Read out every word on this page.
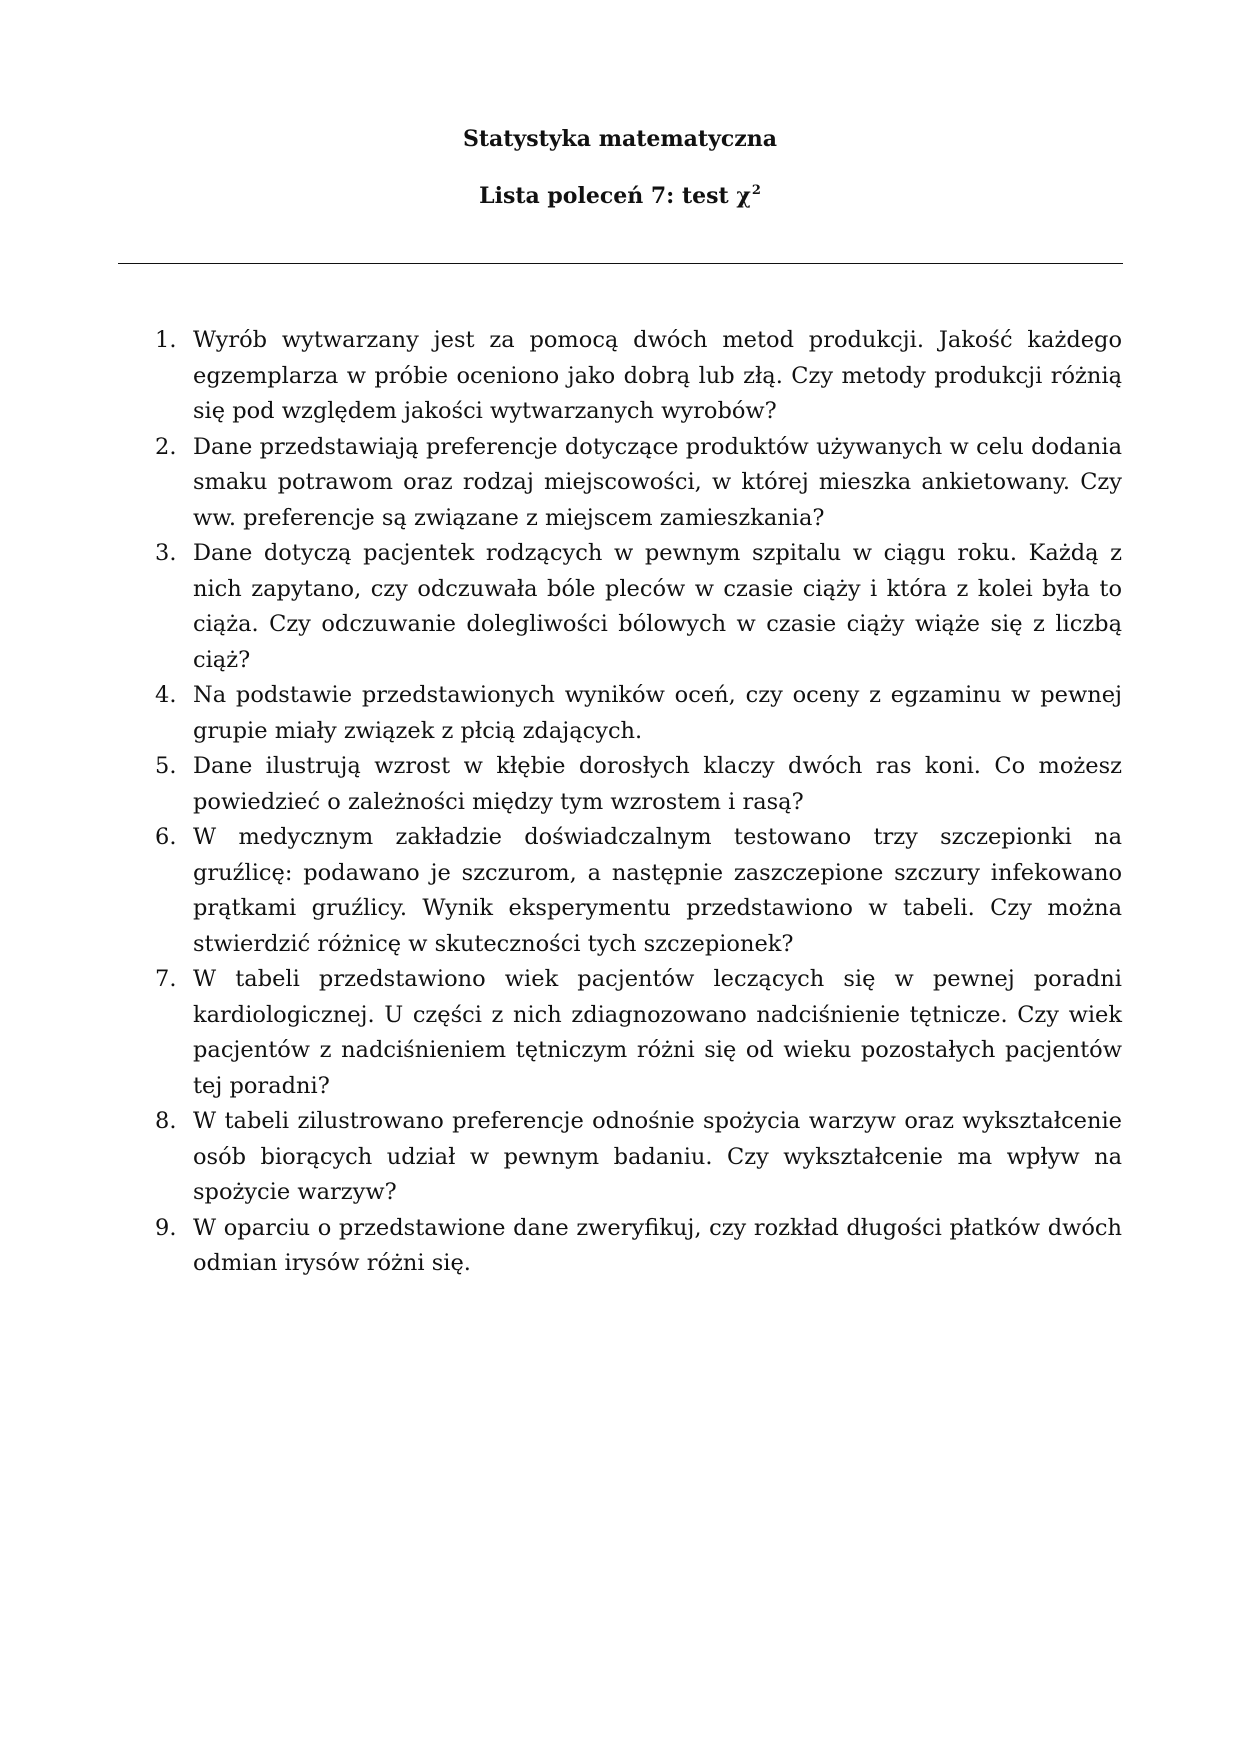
Statystyka matematyczna
Lista poleceń 7: test $\chi^2$
1. Wyrób wytwarzany jest za pomocą dwóch metod produkcji. Jakość każdego egzemplarza w próbie oceniono jako dobrą lub złą. Czy metody produkcji różnią się pod względem jakości wytwarzanych wyrobów?
2. Dane przedstawiają preferencje dotyczące produktów używanych w celu dodania smaku potrawom oraz rodzaj miejscowości, w której mieszka ankietowany. Czy ww. preferencje są związane z miejscem zamieszkania?
3. Dane dotyczą pacjentek rodzących w pewnym szpitalu w ciągu roku. Każdą z nich zapytano, czy odczuwała bóle pleców w czasie ciąży i która z kolei była to ciąża. Czy odczuwanie dolegliwości bólowych w czasie ciąży wiąże się z liczbą ciąż?
4. Na podstawie przedstawionych wyników oceń, czy oceny z egzaminu w pewnej grupie miały związek z płcią zdających.
5. Dane ilustrują wzrost w kłębie dorosłych klaczy dwóch ras koni. Co możesz powiedzieć o zależności między tym wzrostem i rasą?
6. W medycznym zakładzie doświadczalnym testowano trzy szczepionki na gruźlicę: podawano je szczurom, a następnie zaszczepione szczury infekowano prątkami gruźlicy. Wynik eksperymentu przedstawiono w tabeli. Czy można stwierdzić różnicę w skuteczności tych szczepionek?
7. W tabeli przedstawiono wiek pacjentów leczących się w pewnej poradni kardiologicznej. U części z nich zdiagnozowano nadciśnienie tętnicze. Czy wiek pacjentów z nadciśnieniem tętniczym różni się od wieku pozostałych pacjentów tej poradni?
8. W tabeli zilustrowano preferencje odnośnie spożycia warzyw oraz wykształcenie osób biorących udział w pewnym badaniu. Czy wykształcenie ma wpływ na spożycie warzyw?
9. W oparciu o przedstawione dane zweryfikuj, czy rozkład długości płatków dwóch odmian irysów różni się.
